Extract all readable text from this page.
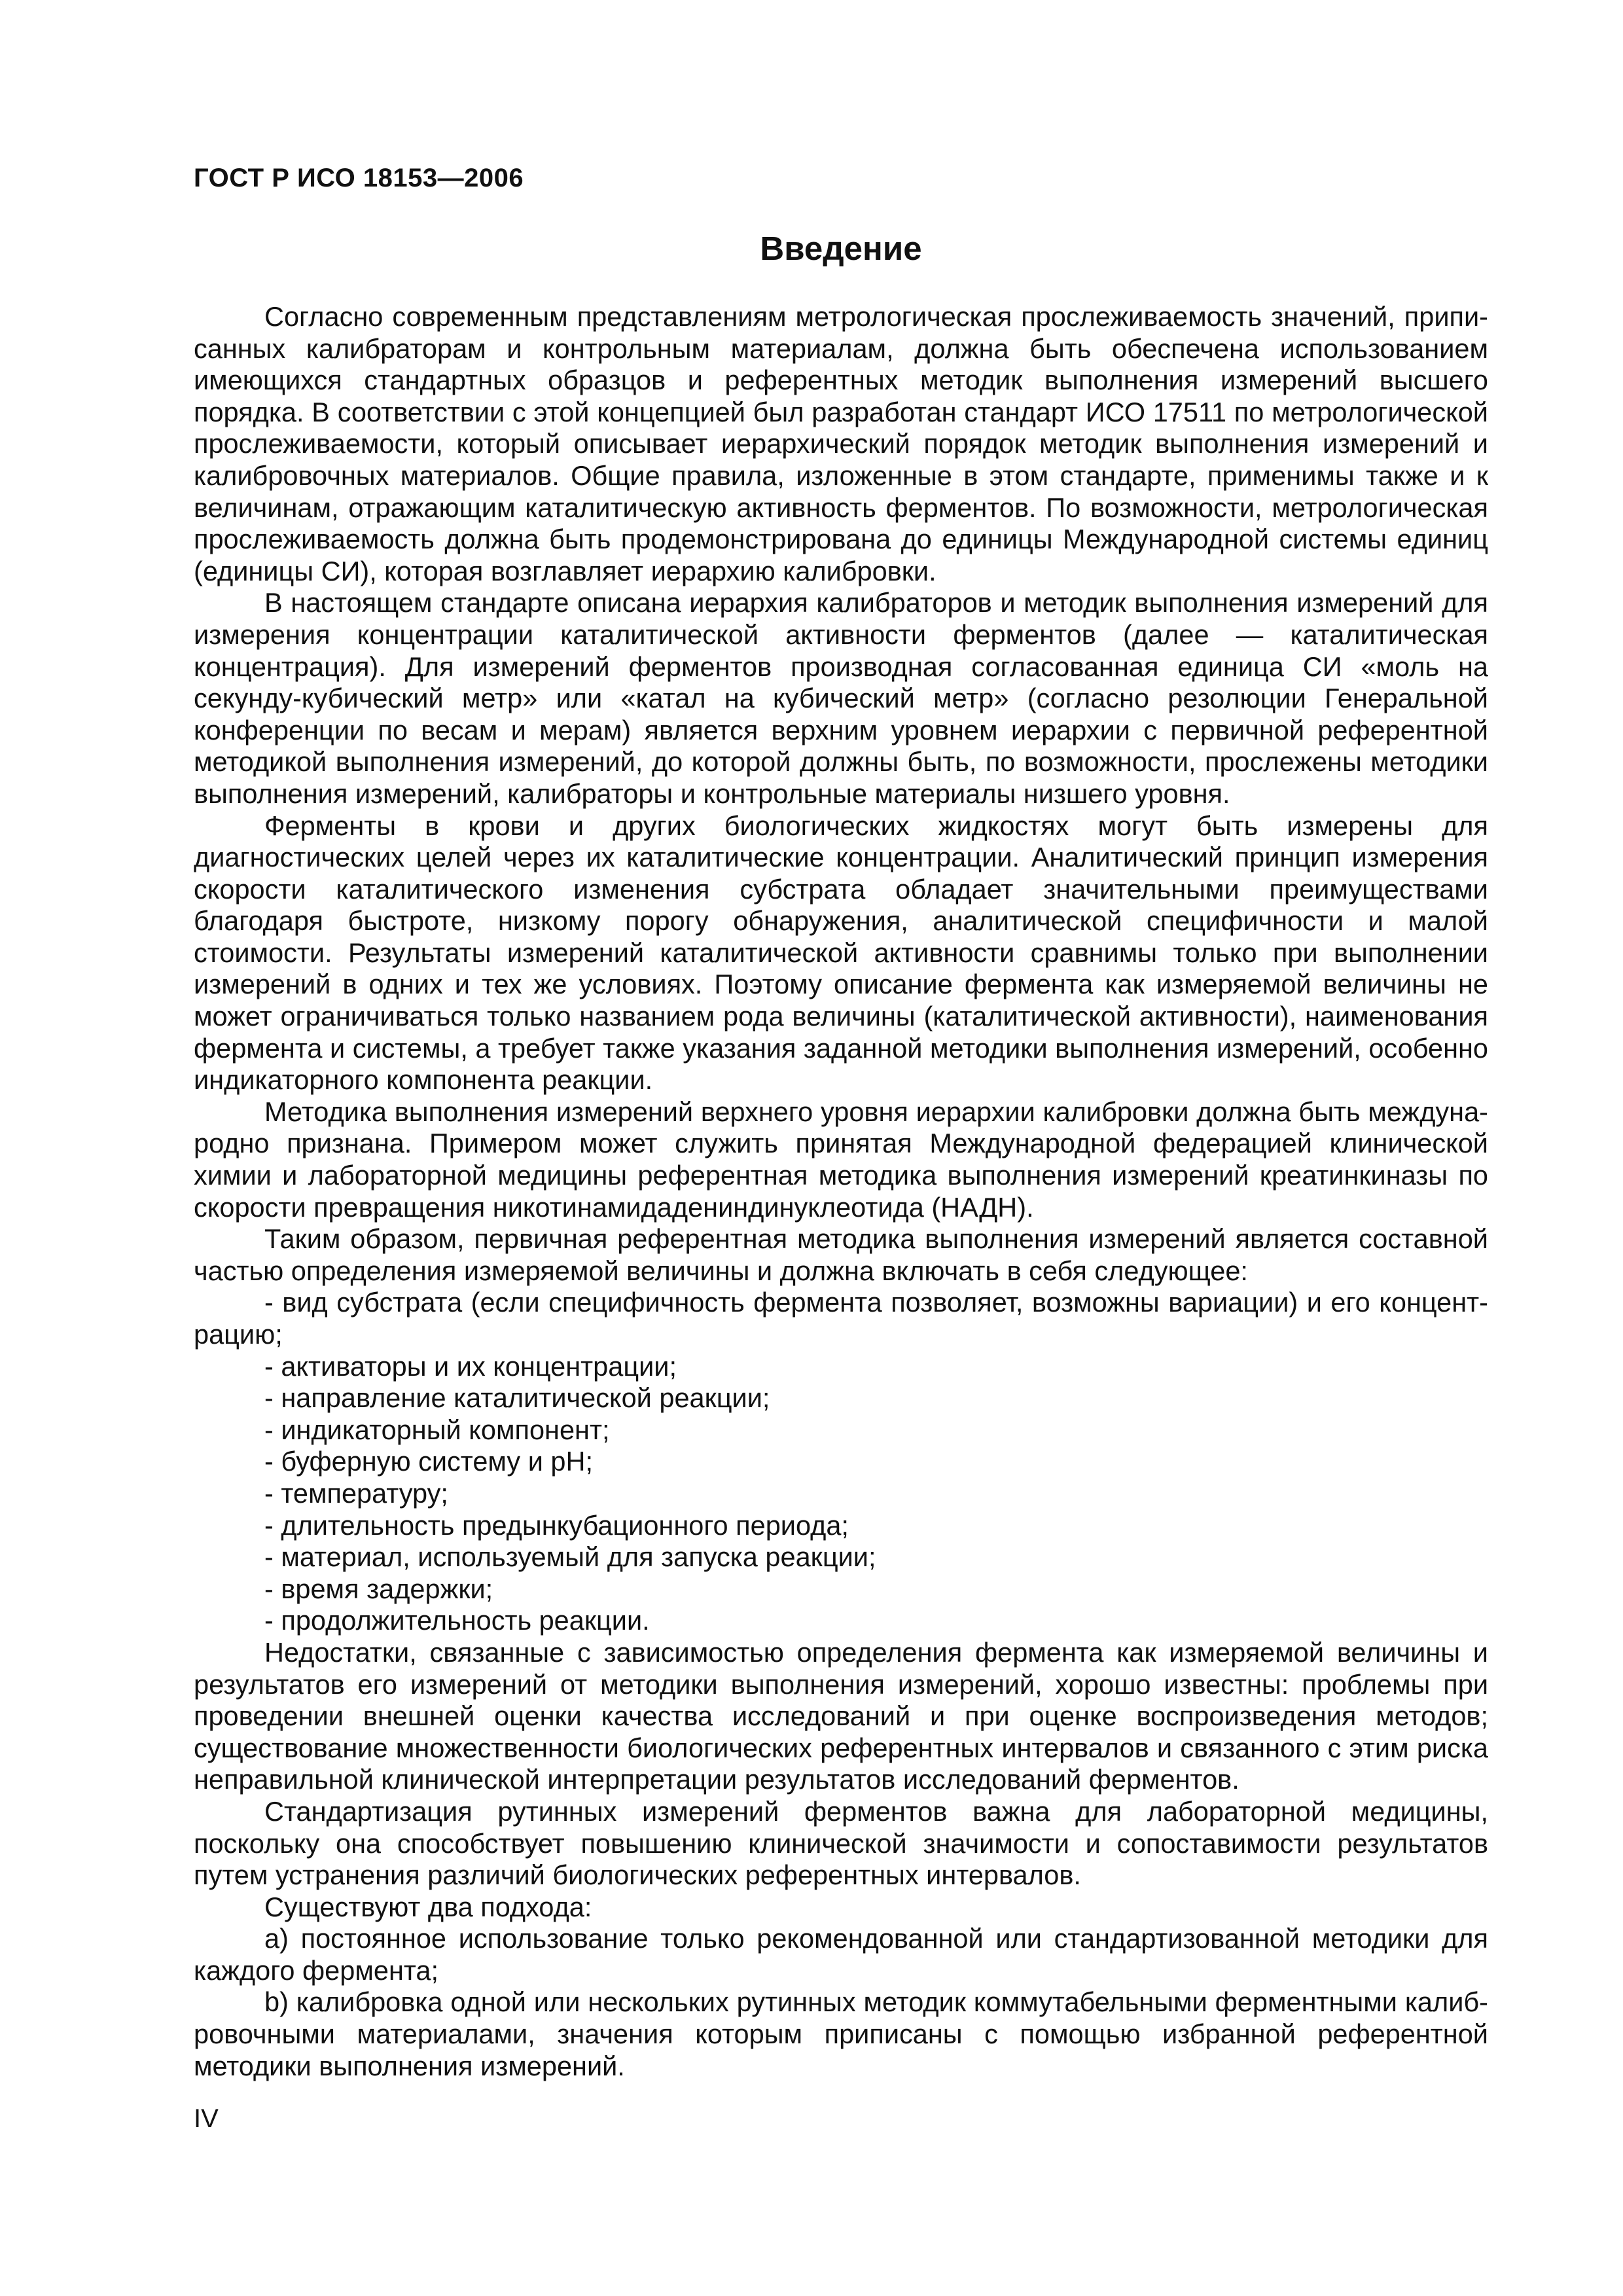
ГОСТ Р ИСО 18153—2006
Введение

Согласно современным представлениям метрологическая прослеживаемость значений, приписанных калибраторам и контрольным материалам, должна быть обеспечена использованием имеющихся стандартных образцов и референтных методик выполнения измерений высшего порядка. В соответствии с этой концепцией был разработан стандарт ИСО 17511 по метрологической прослеживаемости, который описывает иерархический порядок методик выполнения измерений и калибровочных материалов. Общие правила, изложенные в этом стандарте, применимы также и к величинам, отражающим каталитическую активность ферментов. По возможности, метрологическая прослеживаемость должна быть продемонстрирована до единицы Международной системы единиц (единицы СИ), которая возглавляет иерархию калибровки.

В настоящем стандарте описана иерархия калибраторов и методик выполнения измерений для измерения концентрации каталитической активности ферментов (далее — каталитическая концентрация). Для измерений ферментов производная согласованная единица СИ «моль на секунду-кубический метр» или «катал на кубический метр» (согласно резолюции Генеральной конференции по весам и мерам) является верхним уровнем иерархии с первичной референтной методикой выполнения измерений, до которой должны быть, по возможности, прослежены методики выполнения измерений, калибраторы и контрольные материалы низшего уровня.

Ферменты в крови и других биологических жидкостях могут быть измерены для диагностических целей через их каталитические концентрации. Аналитический принцип измерения скорости каталитического изменения субстрата обладает значительными преимуществами благодаря быстроте, низкому порогу обнаружения, аналитической специфичности и малой стоимости. Результаты измерений каталитической активности сравнимы только при выполнении измерений в одних и тех же условиях. Поэтому описание фермента как измеряемой величины не может ограничиваться только названием рода величины (каталитической активности), наименования фермента и системы, а требует также указания заданной методики выполнения измерений, особенно индикаторного компонента реакции.

Методика выполнения измерений верхнего уровня иерархии калибровки должна быть международно признана. Примером может служить принятая Международной федерацией клинической химии и лабораторной медицины референтная методика выполнения измерений креатинкиназы по скорости превращения никотинамидадениндинуклеотида (НАДН).

Таким образом, первичная референтная методика выполнения измерений является составной частью определения измеряемой величины и должна включать в себя следующее:

- вид субстрата (если специфичность фермента позволяет, возможны вариации) и его концентрацию;

- активаторы и их концентрации;

- направление каталитической реакции;

- индикаторный компонент;

- буферную систему и pH;

- температуру;

- длительность предынкубационного периода;

- материал, используемый для запуска реакции;

- время задержки;

- продолжительность реакции.

Недостатки, связанные с зависимостью определения фермента как измеряемой величины и результатов его измерений от методики выполнения измерений, хорошо известны: проблемы при проведении внешней оценки качества исследований и при оценке воспроизведения методов; существование множественности биологических референтных интервалов и связанного с этим риска неправильной клинической интерпретации результатов исследований ферментов.

Стандартизация рутинных измерений ферментов важна для лабораторной медицины, поскольку она способствует повышению клинической значимости и сопоставимости результатов путем устранения различий биологических референтных интервалов.

Существуют два подхода:

а) постоянное использование только рекомендованной или стандартизованной методики для каждого фермента;

b) калибровка одной или нескольких рутинных методик коммутабельными ферментными калибровочными материалами, значения которым приписаны с помощью избранной референтной методики выполнения измерений.

IV
